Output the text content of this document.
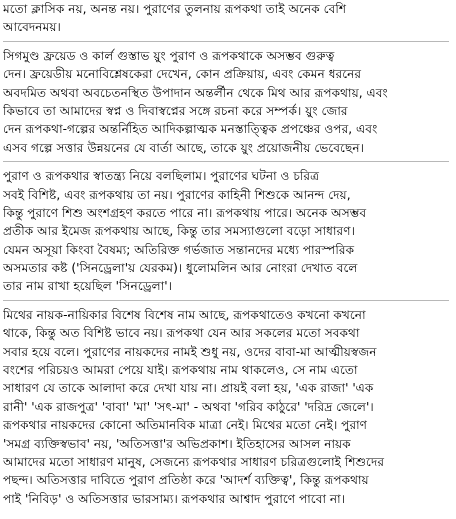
মতো ক্লাসিক নয়, অনন্ত নয়। পুরাণের তুলনায় রূপকথা তাই অনেক বেশি
আবেদনময়।
সিগমুণ্ড ফ্রয়েড ও কার্ল গুস্তাভ য়ুং পুরাণ ও রূপকথাকে অসম্ভব গুরুত্ব
দেন। ফ্রয়েডীয় মনোবিশ্লেষকেরা দেখেন, কোন প্রক্রিয়ায়, এবং কেমন ধরনের
অবদমিত অথবা অবচেতনস্থিত উপাদান অন্তর্লীন থেকে মিথ আর রূপকথায়, এবং
কিভাবে তা আমাদের স্বপ্ন ও দিবাস্বপ্নের সঙ্গে রচনা করে সম্পর্ক। য়ুং জোর
দেন রূপকথা-গল্পের অন্তর্নিহিত আদিকল্পাত্মক মনস্তাত্ত্বিক প্রপঞ্চের ওপর, এবং
এসব গল্পে সত্তার উন্নয়নের যে বার্তা আছে, তাকে য়ুং প্রয়োজনীয় ভেবেছেন।
পুরাণ ও রূপকথার স্বাতন্ত্র্য নিয়ে বলছিলাম। পুরাণের ঘটনা ও চরিত্র
সবই বিশিষ্ট, এবং রূপকথায় তা নয়। পুরাণের কাহিনী শিশুকে আনন্দ দেয়,
কিন্তু পুরাণে শিশু অংশগ্রহণ করতে পারে না। রূপকথায় পারে। অনেক অসম্ভব
প্রতীক আর ইমেজ রূপকথায় আছে, কিন্তু তার সমস্যাগুলো বড়ো সাধারণ।
যেমন অসূয়া কিংবা বৈষম্য; অতিরিক্ত গর্ভজাত সন্তানদের মধ্যে পারস্পরিক
অসমতার কষ্ট ('সিনড্রেলা'য় যেরকম)। ধুলোমলিন আর নোংরা দেখাত বলে
তার নাম রাখা হয়েছিল 'সিনড্রেলা'।
মিথের নায়ক-নায়িকার বিশেষ বিশেষ নাম আছে, রূপকথাতেও কখনো কখনো
থাকে, কিন্তু অত বিশিষ্ট ভাবে নয়। রূপকথা যেন আর সকলের মতো সবকথা
সবার হয়ে বলে। পুরাণের নায়কদের নামই শুধু নয়, ওদের বাবা-মা আত্মীয়স্বজন
বংশের পরিচয়ও আমরা পেয়ে যাই। রূপকথায় নাম থাকলেও, সে নাম এতো
সাধারণ যে তাকে আলাদা করে দেখা যায় না। প্রায়ই বলা হয়, 'এক রাজা' 'এক
রানী' 'এক রাজপুত্র' 'বাবা' 'মা' 'সৎ-মা' - অথবা 'গরিব কাঠুরে' 'দরিদ্র জেলে'।
রূপকথার নায়কদের কোনো অতিমানবিক মাত্রা নেই। মিথের মতো নেই। পুরাণ
'সমগ্র ব্যক্তিস্বভাব' নয়, 'অতিসত্তা'র অভিপ্রকাশ। ইতিহাসের আসল নায়ক
আমাদের মতো সাধারণ মানুষ, সেজন্যে রূপকথার সাধারণ চরিত্রগুলোই শিশুদের
পছন্দ। অতিসত্তার দাবিতে পুরাণ প্রতিষ্ঠা করে 'আদর্শ ব্যক্তিত্ব', কিন্তু রূপকথায়
পাই 'নিবিড়' ও অতিসত্তার ভারসাম্য। রূপকথার আশ্বাদ পুরাণে পাবো না।
